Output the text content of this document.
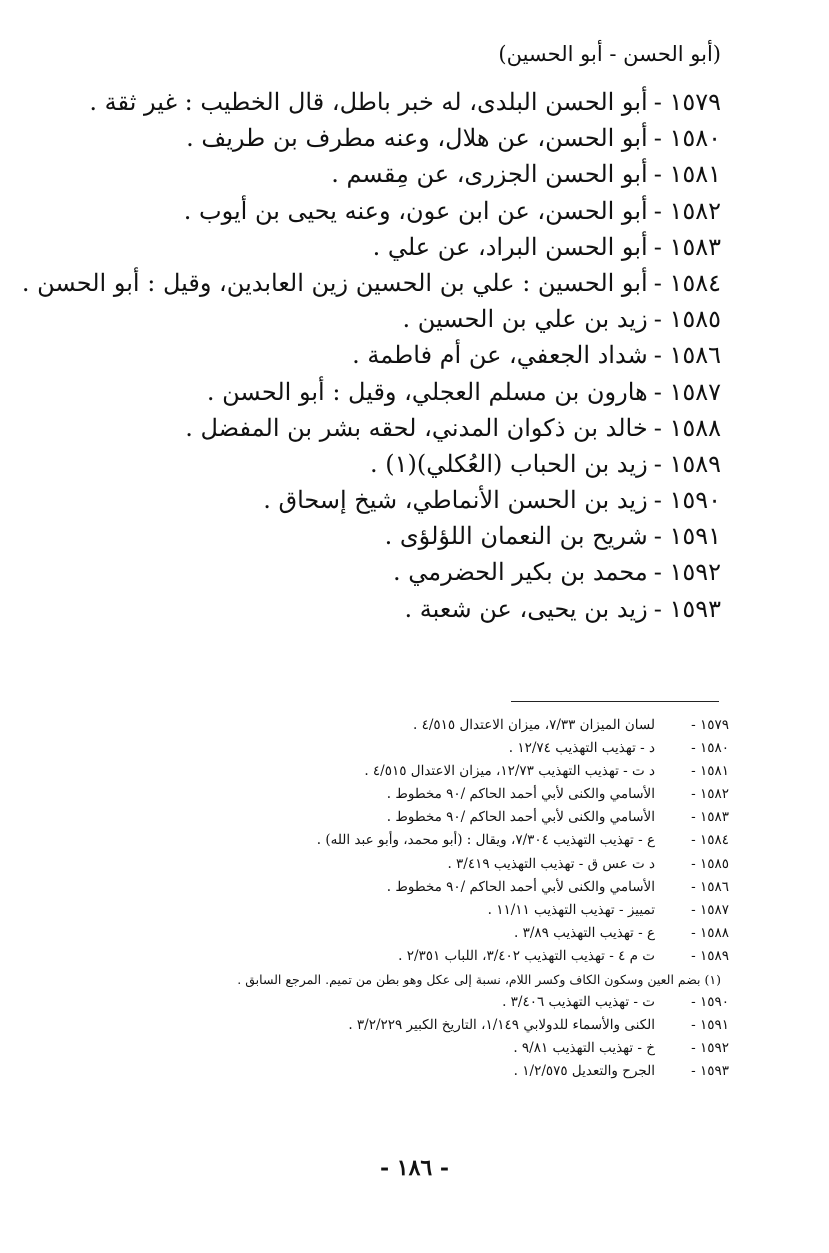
(أبو الحسن - أبو الحسين)
١٥٧٩ -أبو الحسن البلدى، له خبر باطل، قال الخطيب : غير ثقة .
١٥٨٠ -أبو الحسن، عن هلال، وعنه مطرف بن طريف .
١٥٨١ -أبو الحسن الجزرى، عن مِقسم .
١٥٨٢ -أبو الحسن، عن ابن عون، وعنه يحيى بن أيوب .
١٥٨٣ -أبو الحسن البراد، عن علي .
١٥٨٤ -أبو الحسين : علي بن الحسين زين العابدين، وقيل : أبو الحسن .
١٥٨٥ -زيد بن علي بن الحسين .
١٥٨٦ -شداد الجعفي، عن أم فاطمة .
١٥٨٧ -هارون بن مسلم العجلي، وقيل : أبو الحسن .
١٥٨٨ -خالد بن ذكوان المدني، لحقه بشر بن المفضل .
١٥٨٩ -زيد بن الحباب (العُكلي)(١) .
١٥٩٠ -زيد بن الحسن الأنماطي، شيخ إسحاق .
١٥٩١ -شريح بن النعمان اللؤلؤى .
١٥٩٢ -محمد بن بكير الحضرمي .
١٥٩٣ -زيد بن يحيى، عن شعبة .
١٥٧٩ -
لسان الميزان ٧/٣٣، ميزان الاعتدال ٤/٥١٥ .
١٥٨٠ -
د - تهذيب التهذيب ١٢/٧٤ .
١٥٨١ -
د ت - تهذيب التهذيب ١٢/٧٣، ميزان الاعتدال ٤/٥١٥ .
١٥٨٢ -
الأسامي والكنى لأبي أحمد الحاكم /٩٠ مخطوط .
١٥٨٣ -
الأسامي والكنى لأبي أحمد الحاكم /٩٠ مخطوط .
١٥٨٤ -
ع - تهذيب التهذيب ٧/٣٠٤، ويقال : (أبو محمد، وأبو عبد الله) .
١٥٨٥ -
د ت عس ق - تهذيب التهذيب ٣/٤١٩ .
١٥٨٦ -
الأسامي والكنى لأبي أحمد الحاكم /٩٠ مخطوط .
١٥٨٧ -
تمييز - تهذيب التهذيب ١١/١١ .
١٥٨٨ -
ع - تهذيب التهذيب ٣/٨٩ .
١٥٨٩ -
ت م ٤ - تهذيب التهذيب ٣/٤٠٢، اللباب ٢/٣٥١ .
(١) بضم العين وسكون الكاف وكسر اللام، نسبة إلى عكل وهو بطن من تميم. المرجع السابق .
١٥٩٠ -
ت - تهذيب التهذيب ٣/٤٠٦ .
١٥٩١ -
الكنى والأسماء للدولابي ١/١٤٩، التاريخ الكبير ٣/٢/٢٢٩ .
١٥٩٢ -
خ - تهذيب التهذيب ٩/٨١ .
١٥٩٣ -
الجرح والتعديل ١/٢/٥٧٥ .
- ١٨٦ -
